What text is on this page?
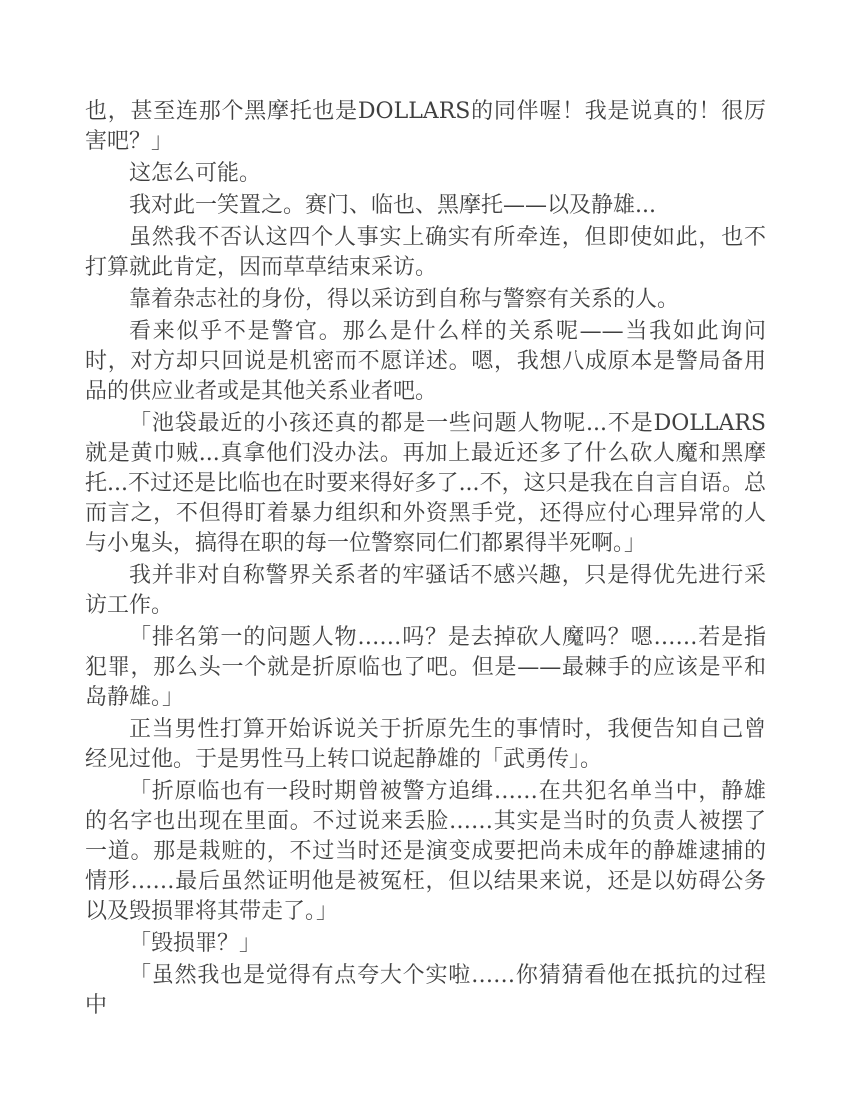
也，甚至连那个黑摩托也是DOLLARS的同伴喔！我是说真的！很厉害吧？」

这怎么可能。

我对此一笑置之。赛门、临也、黑摩托——以及静雄...

虽然我不否认这四个人事实上确实有所牵连，但即使如此，也不打算就此肯定，因而草草结束采访。

靠着杂志社的身份，得以采访到自称与警察有关系的人。

看来似乎不是警官。那么是什么样的关系呢——当我如此询问时，对方却只回说是机密而不愿详述。嗯，我想八成原本是警局备用品的供应业者或是其他关系业者吧。

「池袋最近的小孩还真的都是一些问题人物呢...不是DOLLARS就是黄巾贼...真拿他们没办法。再加上最近还多了什么砍人魔和黑摩托...不过还是比临也在时要来得好多了...不，这只是我在自言自语。总而言之，不但得盯着暴力组织和外资黑手党，还得应付心理异常的人与小鬼头，搞得在职的每一位警察同仁们都累得半死啊。」

我并非对自称警界关系者的牢骚话不感兴趣，只是得优先进行采访工作。

「排名第一的问题人物……吗？是去掉砍人魔吗？嗯……若是指犯罪，那么头一个就是折原临也了吧。但是——最棘手的应该是平和岛静雄。」

正当男性打算开始诉说关于折原先生的事情时，我便告知自己曾经见过他。于是男性马上转口说起静雄的「武勇传」。

「折原临也有一段时期曾被警方追缉……在共犯名单当中，静雄的名字也出现在里面。不过说来丢脸……其实是当时的负责人被摆了一道。那是栽赃的，不过当时还是演变成要把尚未成年的静雄逮捕的情形……最后虽然证明他是被冤枉，但以结果来说，还是以妨碍公务以及毁损罪将其带走了。」

「毁损罪？」

「虽然我也是觉得有点夸大个实啦……你猜猜看他在抵抗的过程中
